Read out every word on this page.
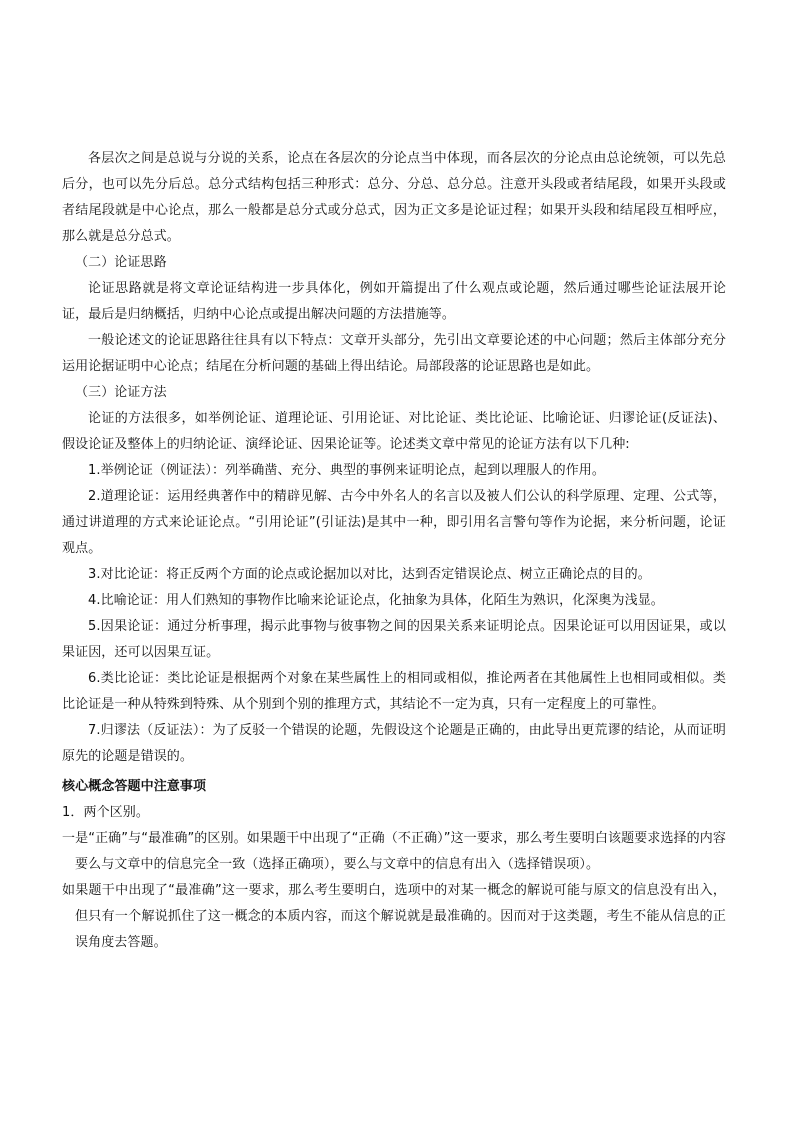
各层次之间是总说与分说的关系，论点在各层次的分论点当中体现，而各层次的分论点由总论统领，可以先总后分，也可以先分后总。总分式结构包括三种形式：总分、分总、总分总。注意开头段或者结尾段，如果开头段或者结尾段就是中心论点，那么一般都是总分式或分总式，因为正文多是论证过程；如果开头段和结尾段互相呼应，那么就是总分总式。

（二）论证思路

论证思路就是将文章论证结构进一步具体化，例如开篇提出了什么观点或论题，然后通过哪些论证法展开论证，最后是归纳概括，归纳中心论点或提出解决问题的方法措施等。

一般论述文的论证思路往往具有以下特点：文章开头部分，先引出文章要论述的中心问题；然后主体部分充分运用论据证明中心论点；结尾在分析问题的基础上得出结论。局部段落的论证思路也是如此。

（三）论证方法

论证的方法很多，如举例论证、道理论证、引用论证、对比论证、类比论证、比喻论证、归谬论证(反证法)、假设论证及整体上的归纳论证、演绎论证、因果论证等。论述类文章中常见的论证方法有以下几种:

1.举例论证（例证法）：列举确凿、充分、典型的事例来证明论点，起到以理服人的作用。

2.道理论证：运用经典著作中的精辟见解、古今中外名人的名言以及被人们公认的科学原理、定理、公式等，通过讲道理的方式来论证论点。“引用论证”(引证法)是其中一种，即引用名言警句等作为论据，来分析问题，论证观点。

3.对比论证：将正反两个方面的论点或论据加以对比，达到否定错误论点、树立正确论点的目的。

4.比喻论证：用人们熟知的事物作比喻来论证论点，化抽象为具体，化陌生为熟识，化深奥为浅显。

5.因果论证：通过分析事理，揭示此事物与彼事物之间的因果关系来证明论点。因果论证可以用因证果，或以果证因，还可以因果互证。

6.类比论证：类比论证是根据两个对象在某些属性上的相同或相似，推论两者在其他属性上也相同或相似。类比论证是一种从特殊到特殊、从个别到个别的推理方式，其结论不一定为真，只有一定程度上的可靠性。

7.归谬法（反证法）：为了反驳一个错误的论题，先假设这个论题是正确的，由此导出更荒谬的结论，从而证明原先的论题是错误的。

核心概念答题中注意事项

1．两个区别。

一是“正确”与“最准确”的区别。如果题干中出现了“正确（不正确）”这一要求，那么考生要明白该题要求选择的内容要么与文章中的信息完全一致（选择正确项），要么与文章中的信息有出入（选择错误项）。

如果题干中出现了“最准确”这一要求，那么考生要明白，选项中的对某一概念的解说可能与原文的信息没有出入，但只有一个解说抓住了这一概念的本质内容，而这个解说就是最准确的。因而对于这类题，考生不能从信息的正误角度去答题。
